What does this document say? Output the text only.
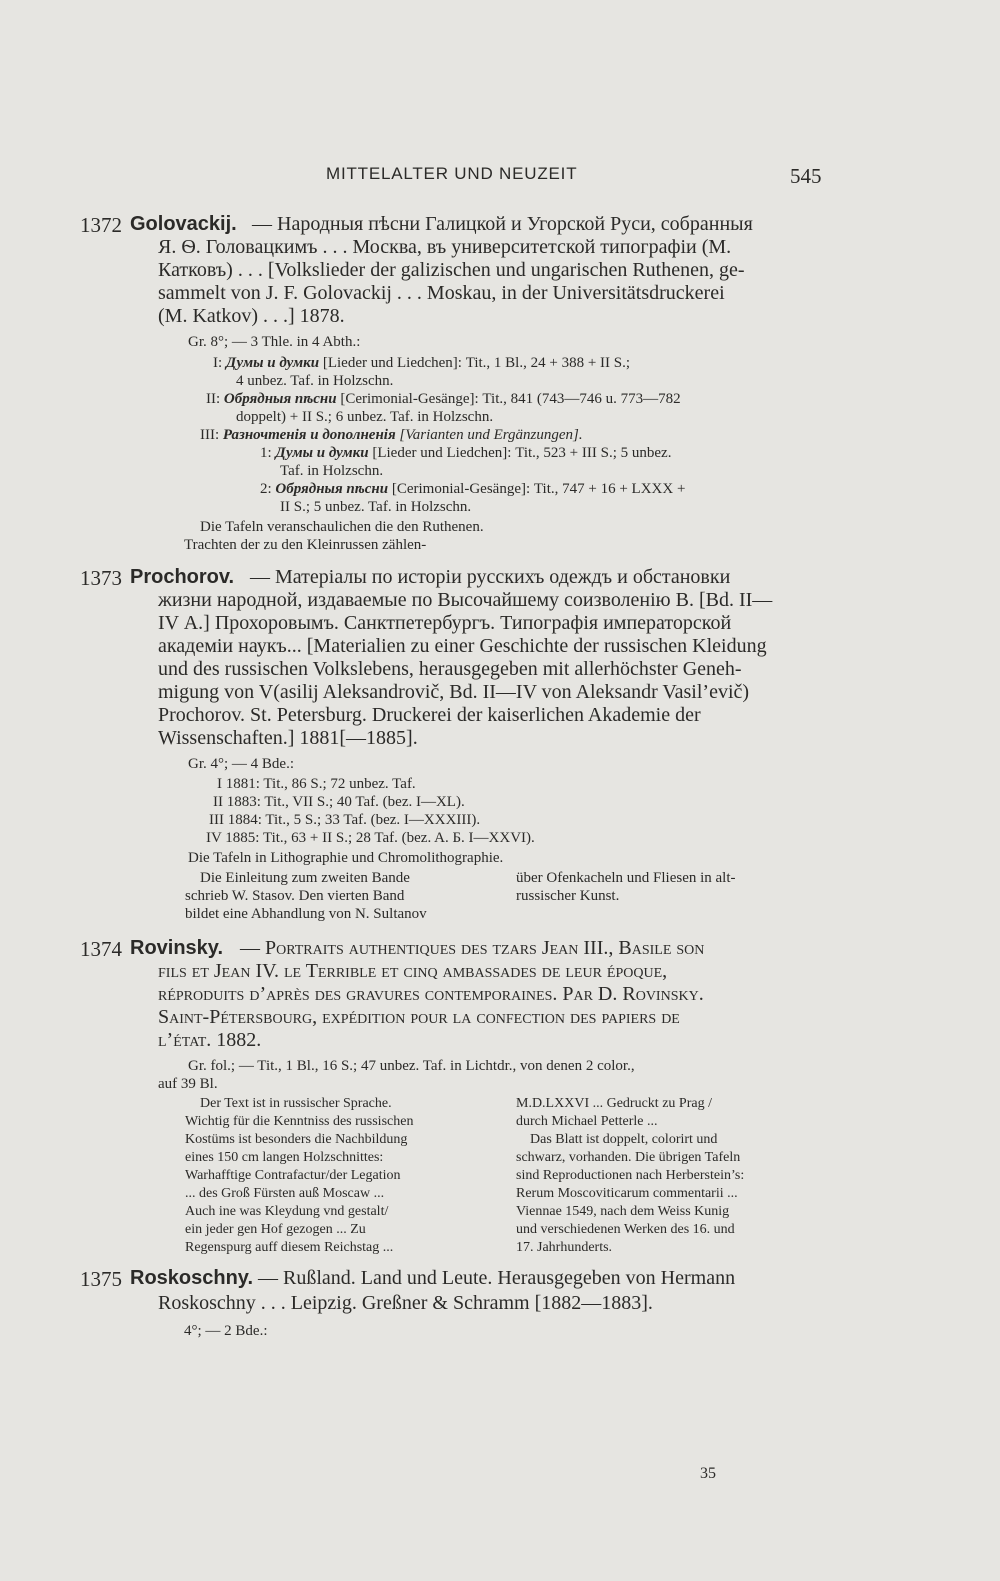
MITTELALTER UND NEUZEIT	545
1372 Golovackij. — Народныя пѣсни Галицкой и Угорской Руси, собранныя
Я. Ѳ. Головацкимъ . . . Москва, въ университетской типографіи (М.
Катковъ) . . . [Volkslieder der galizischen und ungarischen Ruthenen, ge-
sammelt von J. F. Golovackij . . . Moskau, in der Universitätsdruckerei
(M. Katkov) . . .] 1878.
Gr. 8°; — 3 Thle. in 4 Abth.:
I: Думы и думки [Lieder und Liedchen]: Tit., 1 Bl., 24 + 388 + II S.;
4 unbez. Taf. in Holzschn.
II: Обрядныя пѣсни [Cerimonial-Gesänge]: Tit., 841 (743—746 u. 773—782
doppelt) + II S.; 6 unbez. Taf. in Holzschn.
III: Разночтенія и дополненія [Varianten und Ergänzungen].
1: Думы и думки [Lieder und Liedchen]: Tit., 523 + III S.; 5 unbez.
Taf. in Holzschn.
2: Обрядныя пѣсни [Cerimonial-Gesänge]: Tit., 747 + 16 + LXXX +
II S.; 5 unbez. Taf. in Holzschn.
Die Tafeln veranschaulichen die den Ruthenen.
Trachten der zu den Kleinrussen zählen-
1373 Prochorov. — Матеріалы по исторіи русскихъ одеждъ и обстановки
жизни народной, издаваемые по Высочайшему соизволенію В. [Bd. II—
IV А.] Прохоровымъ. Санктпетербургъ. Типографія императорской
академіи наукъ... [Materialien zu einer Geschichte der russischen Kleidung
und des russischen Volkslebens, herausgegeben mit allerhöchster Geneh-
migung von V(asilij Aleksandrovič, Bd. II—IV von Aleksandr Vasil’evič)
Prochorov. St. Petersburg. Druckerei der kaiserlichen Akademie der
Wissenschaften.] 1881[—1885].
Gr. 4°; — 4 Bde.:
I 1881: Tit., 86 S.; 72 unbez. Taf.
II 1883: Tit., VII S.; 40 Taf. (bez. I—XL).
III 1884: Tit., 5 S.; 33 Taf. (bez. I—XXXIII).
IV 1885: Tit., 63 + II S.; 28 Taf. (bez. A. Б. I—XXVI).
Die Tafeln in Lithographie und Chromolithographie.
Die Einleitung zum zweiten Bande
schrieb W. Stasov. Den vierten Band
bildet eine Abhandlung von N. Sultanov
über Ofenkacheln und Fliesen in alt-
russischer Kunst.
1374 Rovinsky. — Portraits authentiques des tzars Jean III., Basile son
fils et Jean IV. le Terrible et cinq ambassades de leur époque,
réproduits d’après des gravures contemporaines. Par D. Rovinsky.
Saint-Pétersbourg, expédition pour la confection des papiers de
l’état. 1882.
Gr. fol.; — Tit., 1 Bl., 16 S.; 47 unbez. Taf. in Lichtdr., von denen 2 color.,
auf 39 Bl.
Der Text ist in russischer Sprache.
Wichtig für die Kenntniss des russischen
Kostüms ist besonders die Nachbildung
eines 150 cm langen Holzschnittes:
Warhafftige Contrafactur/der Legation
... des Groß Fürsten auß Moscaw ...
Auch ine was Kleydung vnd gestalt/
ein jeder gen Hof gezogen ... Zu
Regenspurg auff diesem Reichstag ...
M.D.LXXVI ... Gedruckt zu Prag /
durch Michael Petterle ...
Das Blatt ist doppelt, colorirt und
schwarz, vorhanden. Die übrigen Tafeln
sind Reproductionen nach Herberstein’s:
Rerum Moscoviticarum commentarii ...
Viennae 1549, nach dem Weiss Kunig
und verschiedenen Werken des 16. und
17. Jahrhunderts.
1375 Roskoschny. — Rußland. Land und Leute. Herausgegeben von Hermann
Roskoschny . . . Leipzig. Greßner & Schramm [1882—1883].
4°; — 2 Bde.:
35
